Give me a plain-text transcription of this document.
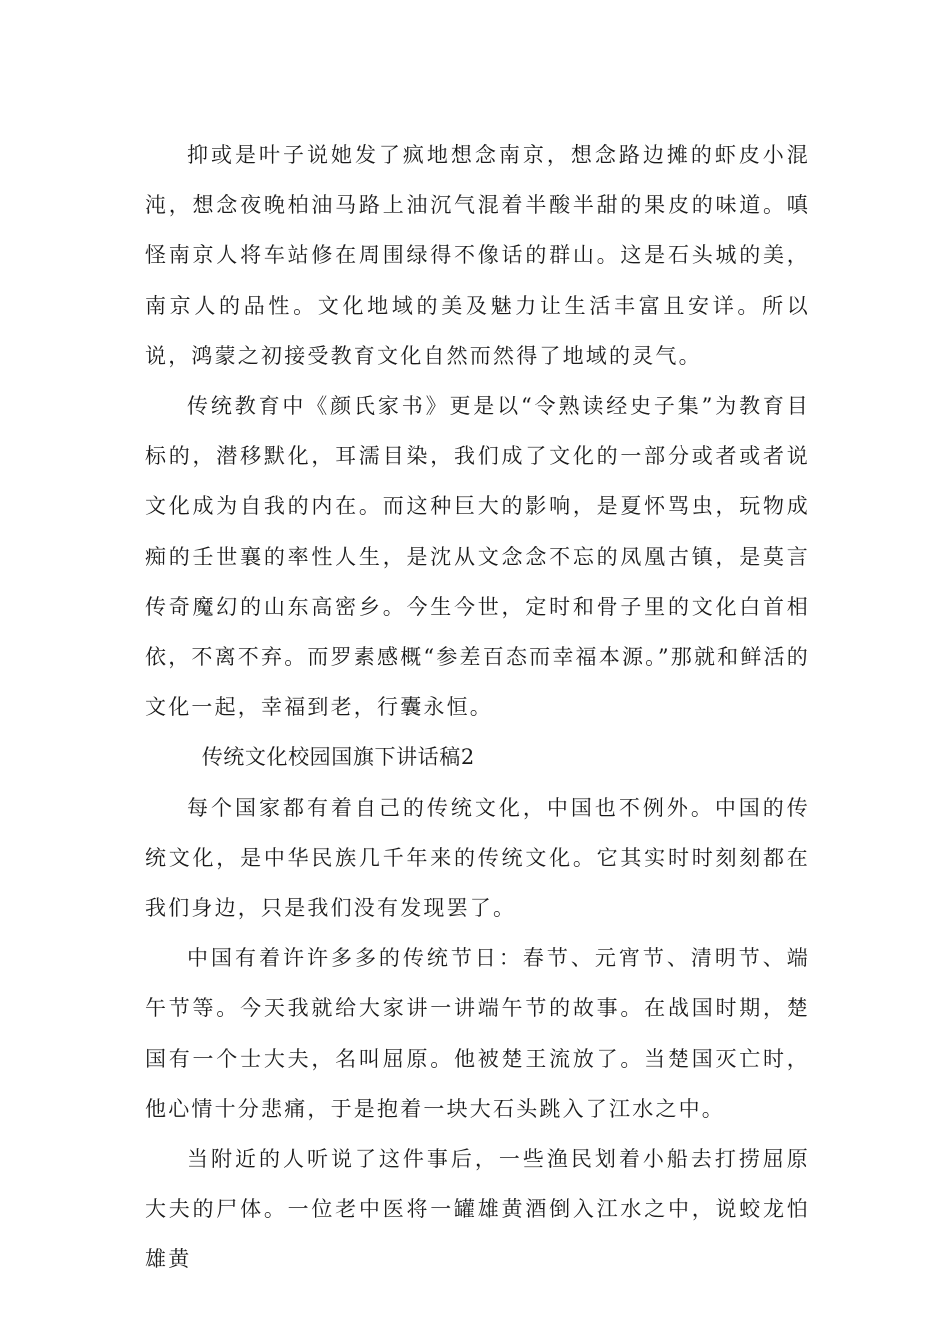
抑或是叶子说她发了疯地想念南京，想念路边摊的虾皮小混沌，想念夜晚柏油马路上油沉气混着半酸半甜的果皮的味道。嗔怪南京人将车站修在周围绿得不像话的群山。这是石头城的美，南京人的品性。文化地域的美及魅力让生活丰富且安详。所以说，鸿蒙之初接受教育文化自然而然得了地域的灵气。

传统教育中《颜氏家书》更是以“令熟读经史子集”为教育目标的，潜移默化，耳濡目染，我们成了文化的一部分或者或者说文化成为自我的内在。而这种巨大的影响，是夏怀骂虫，玩物成痴的壬世襄的率性人生，是沈从文念念不忘的凤凰古镇，是莫言传奇魔幻的山东高密乡。今生今世，定时和骨子里的文化白首相依，不离不弃。而罗素感概“参差百态而幸福本源。”那就和鲜活的文化一起，幸福到老，行囊永恒。

传统文化校园国旗下讲话稿2

每个国家都有着自己的传统文化，中国也不例外。中国的传统文化，是中华民族几千年来的传统文化。它其实时时刻刻都在我们身边，只是我们没有发现罢了。

中国有着许许多多的传统节日：春节、元宵节、清明节、端午节等。今天我就给大家讲一讲端午节的故事。在战国时期，楚国有一个士大夫，名叫屈原。他被楚王流放了。当楚国灭亡时，他心情十分悲痛，于是抱着一块大石头跳入了江水之中。

当附近的人听说了这件事后，一些渔民划着小船去打捞屈原大夫的尸体。一位老中医将一罐雄黄酒倒入江水之中，说蛟龙怕雄黄
